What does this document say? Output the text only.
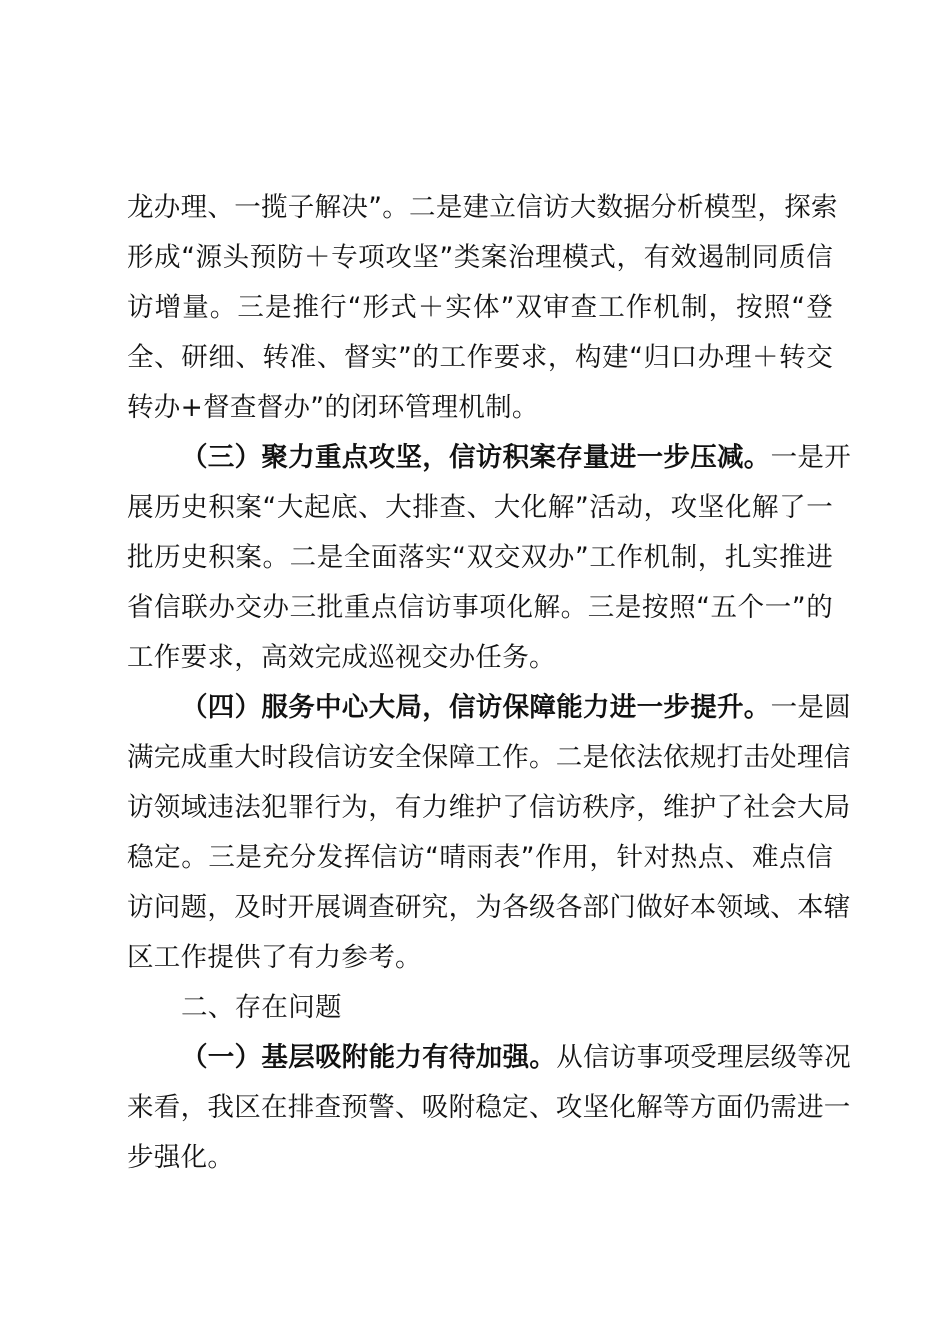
龙办理、一揽子解决”。二是建立信访大数据分析模型，探索
形成“源头预防＋专项攻坚”类案治理模式，有效遏制同质信
访增量。三是推行“形式＋实体”双审查工作机制，按照“登
全、研细、转准、督实”的工作要求，构建“归口办理＋转交
转办+督查督办”的闭环管理机制。
（三）聚力重点攻坚，信访积案存量进一步压减。一是开
展历史积案“大起底、大排查、大化解”活动，攻坚化解了一
批历史积案。二是全面落实“双交双办”工作机制，扎实推进
省信联办交办三批重点信访事项化解。三是按照“五个一”的
工作要求，高效完成巡视交办任务。
（四）服务中心大局，信访保障能力进一步提升。一是圆
满完成重大时段信访安全保障工作。二是依法依规打击处理信
访领域违法犯罪行为，有力维护了信访秩序，维护了社会大局
稳定。三是充分发挥信访“晴雨表”作用，针对热点、难点信
访问题，及时开展调查研究，为各级各部门做好本领域、本辖
区工作提供了有力参考。
二、存在问题
（一）基层吸附能力有待加强。从信访事项受理层级等况
来看，我区在排查预警、吸附稳定、攻坚化解等方面仍需进一
步强化。
